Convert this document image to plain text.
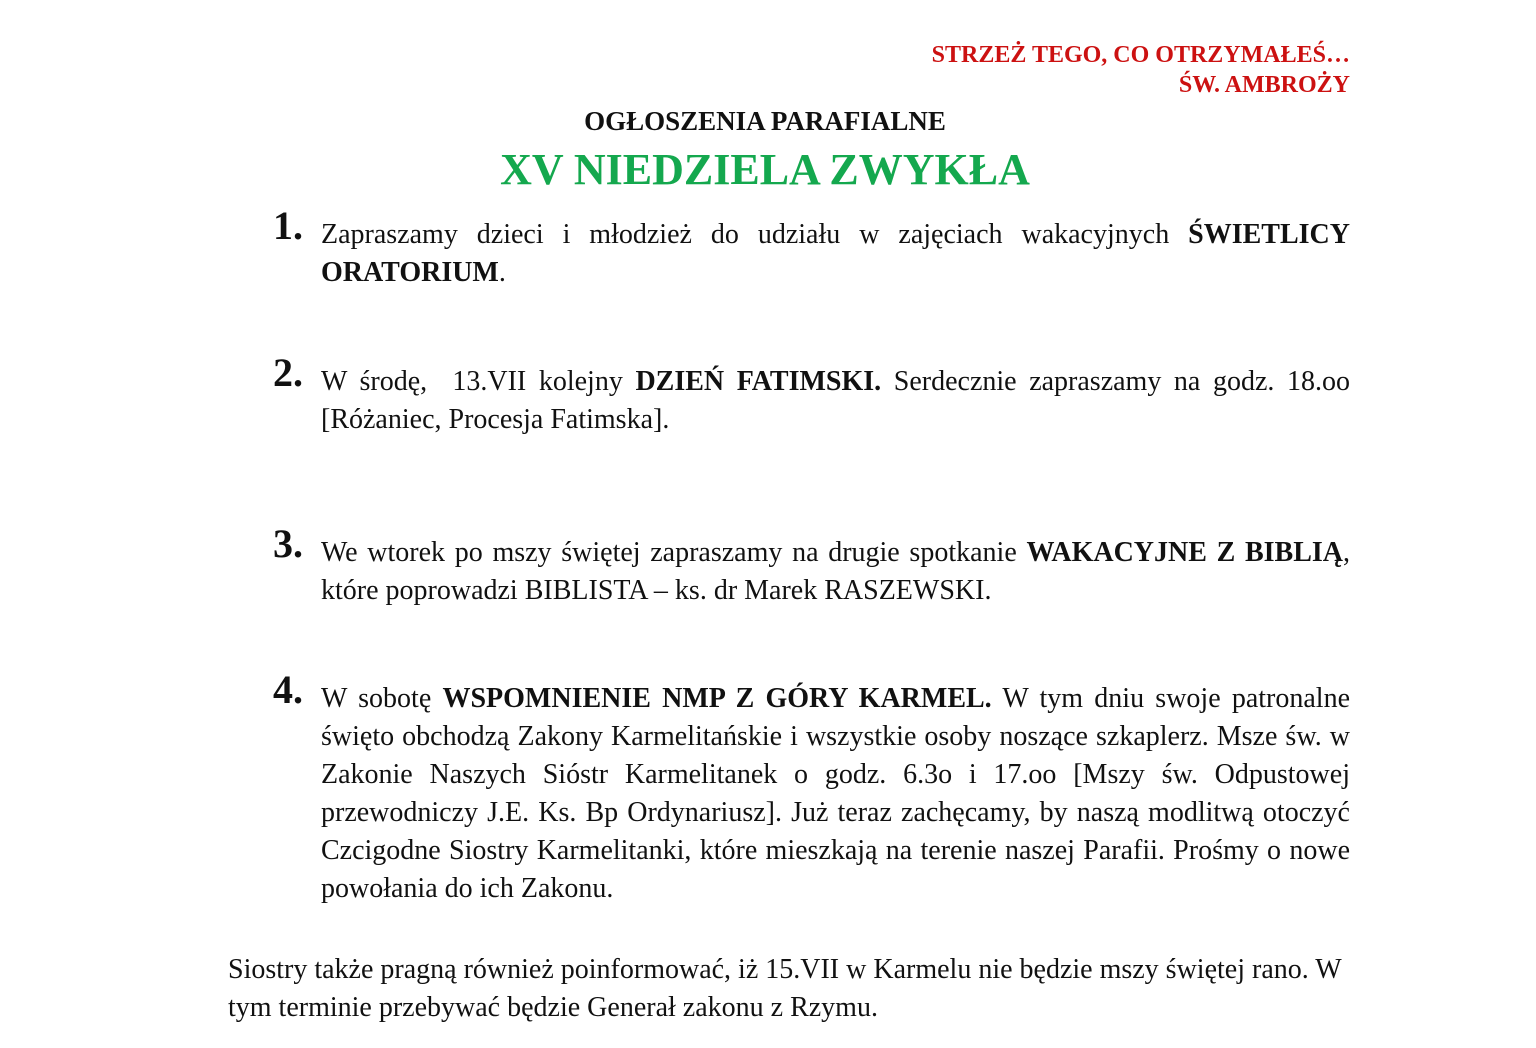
STRZEŻ TEGO, CO OTRZYMAŁEŚ…
ŚW. AMBROŻY
OGŁOSZENIA PARAFIALNE
XV NIEDZIELA ZWYKŁA
1. Zapraszamy dzieci i młodzież do udziału w zajęciach wakacyjnych ŚWIETLICY ORATORIUM.
2. W środę,  13.VII kolejny DZIEŃ FATIMSKI. Serdecznie zapraszamy na godz. 18.oo [Różaniec, Procesja Fatimska].
3. We wtorek po mszy świętej zapraszamy na drugie spotkanie WAKACYJNE Z BIBLIĄ, które poprowadzi BIBLISTA – ks. dr Marek RASZEWSKI.
4. W sobotę WSPOMNIENIE NMP Z GÓRY KARMEL. W tym dniu swoje patronalne święto obchodzą Zakony Karmelitańskie i wszystkie osoby noszące szkaplerz. Msze św. w Zakonie Naszych Sióstr Karmelitanek o godz. 6.3o i 17.oo [Mszy św. Odpustowej przewodniczy J.E. Ks. Bp Ordynariusz]. Już teraz zachęcamy, by naszą modlitwą otoczyć Czcigodne Siostry Karmelitanki, które mieszkają na terenie naszej Parafii. Prośmy o nowe powołania do ich Zakonu.
Siostry także pragną również poinformować, iż 15.VII w Karmelu nie będzie mszy świętej rano. W tym terminie przebywać będzie Generał zakonu z Rzymu.
